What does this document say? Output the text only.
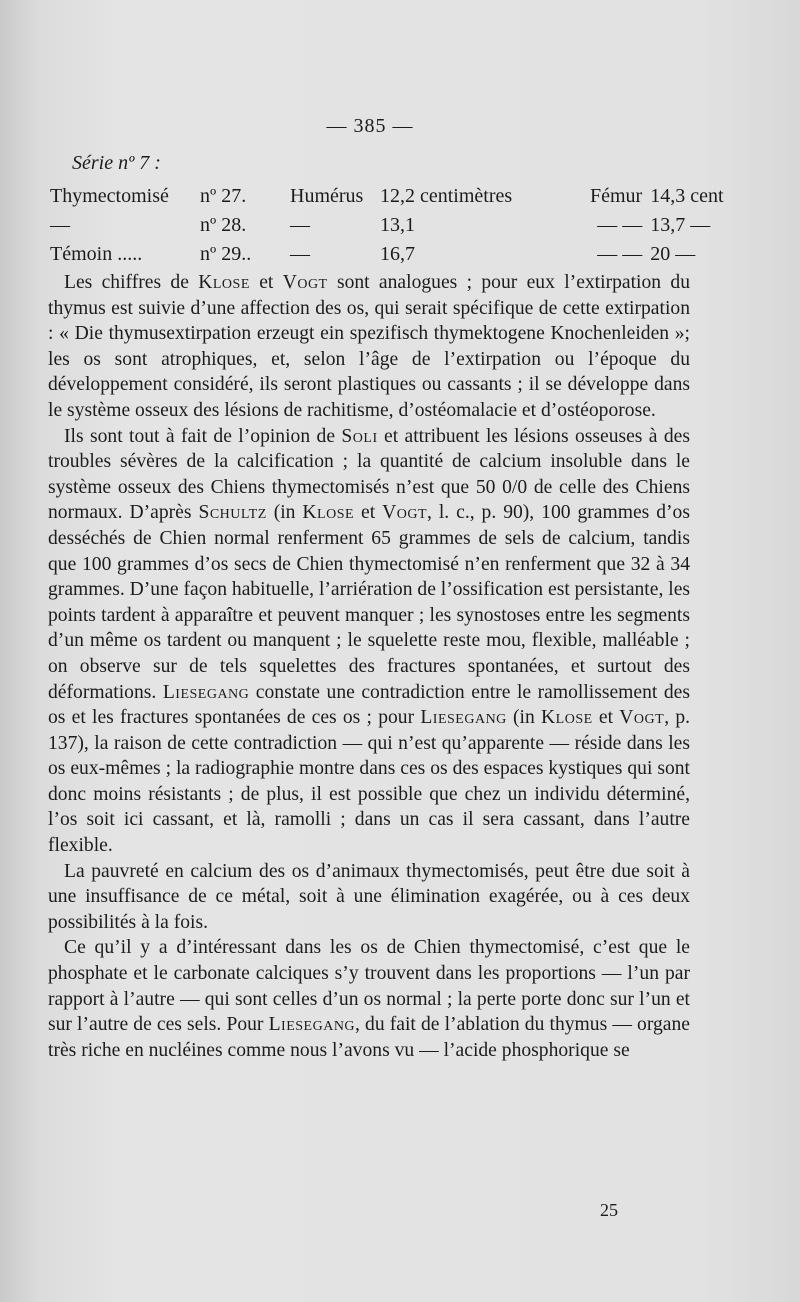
— 385 —
Série nº 7 :
Thymectomisé	nº 27.	Humérus	12,2 centimètres	Fémur	14,3 cent
—	nº 28.	—	13,1	— —	13,7 —
Témoin .....	nº 29..	—	16,7	— —	20 —

Les chiffres de Klose et Vogt sont analogues ; pour eux l’extirpation du thymus est suivie d’une affection des os, qui serait spécifique de cette extirpation : « Die thymusextirpation erzeugt ein spezifisch thymektogene Knochenleiden »; les os sont atrophiques, et, selon l’âge de l’extirpation ou l’époque du développement considéré, ils seront plastiques ou cassants ; il se développe dans le système osseux des lésions de rachitisme, d’ostéomalacie et d’ostéoporose.

Ils sont tout à fait de l’opinion de Soli et attribuent les lésions osseuses à des troubles sévères de la calcification ; la quantité de calcium insoluble dans le système osseux des Chiens thymectomisés n’est que 50 0/0 de celle des Chiens normaux. D’après Schultz (in Klose et Vogt, l. c., p. 90), 100 grammes d’os desséchés de Chien normal renferment 65 grammes de sels de calcium, tandis que 100 grammes d’os secs de Chien thymectomisé n’en renferment que 32 à 34 grammes. D’une façon habituelle, l’arriération de l’ossification est persistante, les points tardent à apparaître et peuvent manquer ; les synostoses entre les segments d’un même os tardent ou manquent ; le squelette reste mou, flexible, malléable ; on observe sur de tels squelettes des fractures spontanées, et surtout des déformations. Liesegang constate une contradiction entre le ramollissement des os et les fractures spontanées de ces os ; pour Liesegang (in Klose et Vogt, p. 137), la raison de cette contradiction — qui n’est qu’apparente — réside dans les os eux-mêmes ; la radiographie montre dans ces os des espaces kystiques qui sont donc moins résistants ; de plus, il est possible que chez un individu déterminé, l’os soit ici cassant, et là, ramolli ; dans un cas il sera cassant, dans l’autre flexible.

La pauvreté en calcium des os d’animaux thymectomisés, peut être due soit à une insuffisance de ce métal, soit à une élimination exagérée, ou à ces deux possibilités à la fois.

Ce qu’il y a d’intéressant dans les os de Chien thymectomisé, c’est que le phosphate et le carbonate calciques s’y trouvent dans les proportions — l’un par rapport à l’autre — qui sont celles d’un os normal ; la perte porte donc sur l’un et sur l’autre de ces sels. Pour Liesegang, du fait de l’ablation du thymus — organe très riche en nucléines comme nous l’avons vu — l’acide phosphorique se

25
